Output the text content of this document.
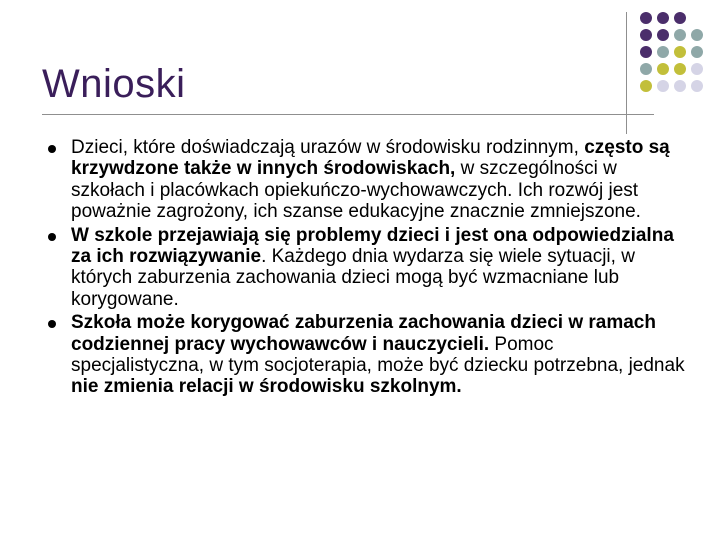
Wnioski
Dzieci, które doświadczają urazów w środowisku rodzinnym, często są krzywdzone także w innych środowiskach, w szczególności w szkołach i placówkach opiekuńczo-wychowawczych. Ich rozwój jest poważnie zagrożony, ich szanse edukacyjne znacznie zmniejszone.
W szkole przejawiają się problemy dzieci i jest ona odpowiedzialna za ich rozwiązywanie. Każdego dnia wydarza się wiele sytuacji, w których zaburzenia zachowania dzieci mogą być wzmacniane lub korygowane.
Szkoła może korygować zaburzenia zachowania dzieci w ramach codziennej pracy wychowawców i nauczycieli. Pomoc specjalistyczna, w tym socjoterapia, może być dziecku potrzebna, jednak nie zmienia relacji w środowisku szkolnym.
